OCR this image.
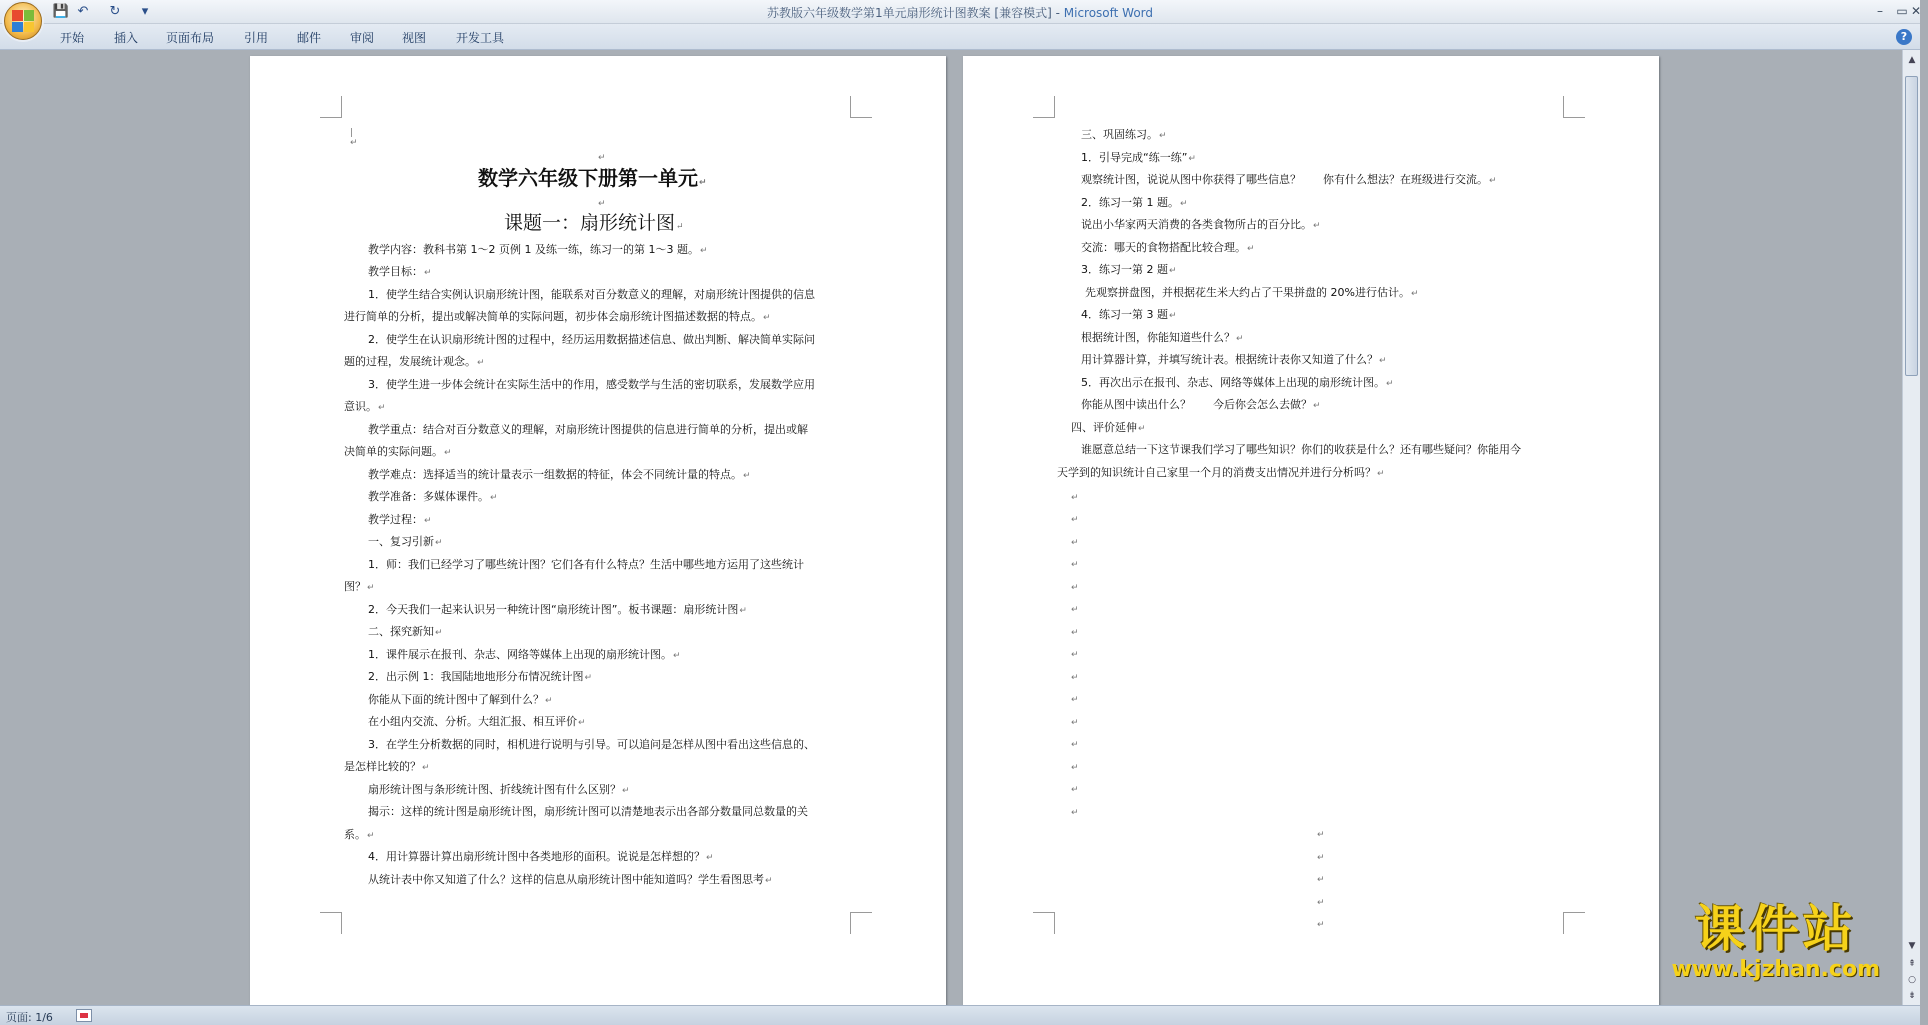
💾 ↶ ↻	▾	苏教版六年级数学第1单元扇形统计图教案 [兼容模式] - Microsoft Word	–	▭ ✕
开始 插入 页面布局 引用 邮件 审阅 视图 开发工具	?
|↵
↵
数学六年级下册第一单元 ↵
↵
课题一：扇形统计图 ↵
教学内容：教科书第 1～2 页例 1 及练一练，练习一的第 1～3 题。 ↵
教学目标： ↵
1．使学生结合实例认识扇形统计图，能联系对百分数意义的理解，对扇形统计图提供的信息
进行简单的分析，提出或解决简单的实际问题，初步体会扇形统计图描述数据的特点。 ↵
2．使学生在认识扇形统计图的过程中，经历运用数据描述信息、做出判断、解决简单实际问
题的过程，发展统计观念。 ↵
3．使学生进一步体会统计在实际生活中的作用，感受数学与生活的密切联系，发展数学应用
意识。 ↵
教学重点：结合对百分数意义的理解，对扇形统计图提供的信息进行简单的分析，提出或解
决简单的实际问题。 ↵
教学难点：选择适当的统计量表示一组数据的特征，体会不同统计量的特点。 ↵
教学准备：多媒体课件。 ↵
教学过程： ↵
一、复习引新 ↵
1．师：我们已经学习了哪些统计图？它们各有什么特点？生活中哪些地方运用了这些统计
图？ ↵
2．今天我们一起来认识另一种统计图“扇形统计图”。板书课题：扇形统计图 ↵
二、探究新知 ↵
1．课件展示在报刊、杂志、网络等媒体上出现的扇形统计图。 ↵
2．出示例 1：我国陆地地形分布情况统计图 ↵
你能从下面的统计图中了解到什么？ ↵
在小组内交流、分析。大组汇报、相互评价 ↵
3．在学生分析数据的同时，相机进行说明与引导。可以追问是怎样从图中看出这些信息的、
是怎样比较的？ ↵
扇形统计图与条形统计图、折线统计图有什么区别？ ↵
揭示：这样的统计图是扇形统计图，扇形统计图可以清楚地表示出各部分数量同总数量的关
系。 ↵
4．用计算器计算出扇形统计图中各类地形的面积。说说是怎样想的？ ↵
从统计表中你又知道了什么？这样的信息从扇形统计图中能知道吗？学生看图思考 ↵
三、巩固练习。 ↵
1．引导完成“练一练” ↵
观察统计图，说说从图中你获得了哪些信息？　　你有什么想法？在班级进行交流。 ↵
2．练习一第 1 题。 ↵
说出小华家两天消费的各类食物所占的百分比。 ↵
交流：哪天的食物搭配比较合理。 ↵
3．练习一第 2 题 ↵
先观察拼盘图，并根据花生米大约占了干果拼盘的 20%进行估计。 ↵
4．练习一第 3 题 ↵
根据统计图，你能知道些什么？ ↵
用计算器计算，并填写统计表。根据统计表你又知道了什么？ ↵
5．再次出示在报刊、杂志、网络等媒体上出现的扇形统计图。 ↵
你能从图中读出什么？　　今后你会怎么去做？ ↵
四、评价延伸 ↵
谁愿意总结一下这节课我们学习了哪些知识？你们的收获是什么？还有哪些疑问？你能用今
天学到的知识统计自己家里一个月的消费支出情况并进行分析吗？ ↵
↵
↵
↵
↵
↵
↵
↵
↵
↵
↵
↵
↵
↵
↵
↵
↵
↵
↵
↵
↵	课件站
www.kjzhan.com
▲
▼
⇞
○
⇟
页面: 1/6
